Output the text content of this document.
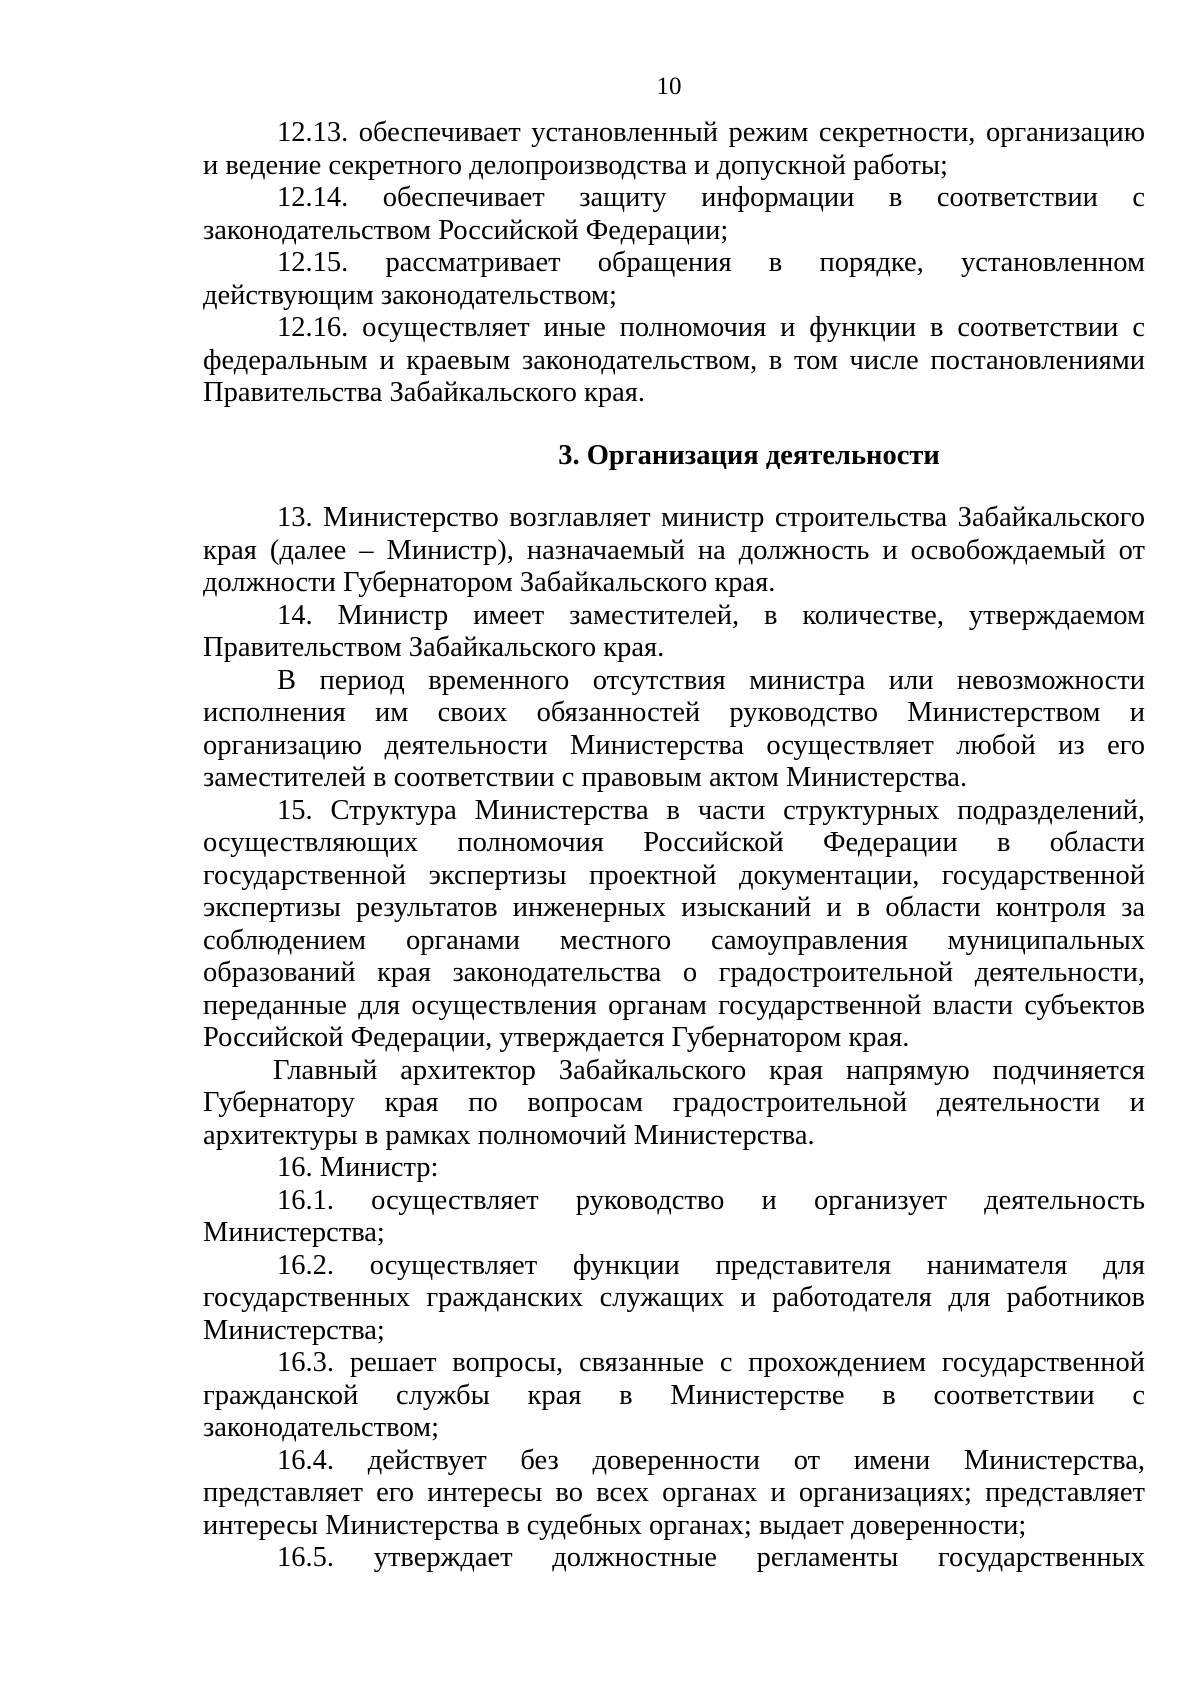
10

12.13. обеспечивает установленный режим секретности, организацию и ведение секретного делопроизводства и допускной работы;

12.14. обеспечивает защиту информации в соответствии с законодательством Российской Федерации;

12.15. рассматривает обращения в порядке, установленном действующим законодательством;

12.16. осуществляет иные полномочия и функции в соответствии с федеральным и краевым законодательством, в том числе постановлениями Правительства Забайкальского края.

3. Организация деятельности

13. Министерство возглавляет министр строительства Забайкальского края (далее – Министр), назначаемый на должность и освобождаемый от должности Губернатором Забайкальского края.

14. Министр имеет заместителей, в количестве, утверждаемом Правительством Забайкальского края.

В период временного отсутствия министра или невозможности исполнения им своих обязанностей руководство Министерством и организацию деятельности Министерства осуществляет любой из его заместителей в соответствии с правовым актом Министерства.

15. Структура Министерства в части структурных подразделений, осуществляющих полномочия Российской Федерации в области государственной экспертизы проектной документации, государственной экспертизы результатов инженерных изысканий и в области контроля за соблюдением органами местного самоуправления муниципальных образований края законодательства о градостроительной деятельности, переданные для осуществления органам государственной власти субъектов Российской Федерации, утверждается Губернатором края.

Главный архитектор Забайкальского края напрямую подчиняется Губернатору края по вопросам градостроительной деятельности и архитектуры в рамках полномочий Министерства.

16. Министр:

16.1. осуществляет руководство и организует деятельность Министерства;

16.2. осуществляет функции представителя нанимателя для государственных гражданских служащих и работодателя для работников Министерства;

16.3. решает вопросы, связанные с прохождением государственной гражданской службы края в Министерстве в соответствии с законодательством;

16.4. действует без доверенности от имени Министерства, представляет его интересы во всех органах и организациях; представляет интересы Министерства в судебных органах; выдает доверенности;

16.5. утверждает должностные регламенты государственных
